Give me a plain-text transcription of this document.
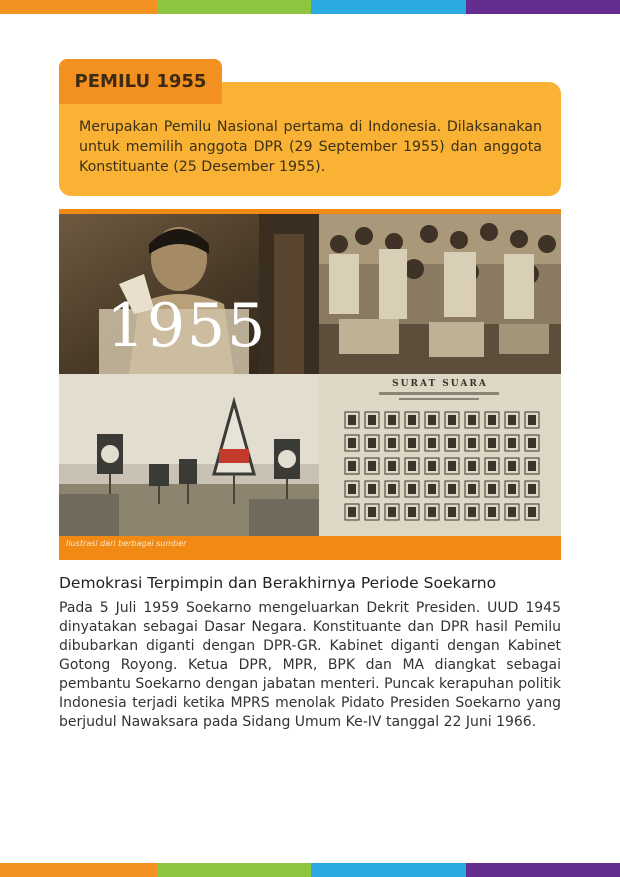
PEMILU 1955
Merupakan Pemilu Nasional pertama di Indonesia. Dilaksanakan untuk memilih anggota DPR (29 September 1955) dan anggota Konstituante (25 Desember 1955).
1955
SURAT SUARA
Ilustrasi dari berbagai sumber
Demokrasi Terpimpin dan Berakhirnya Periode Soekarno
Pada 5 Juli 1959 Soekarno mengeluarkan Dekrit Presiden. UUD 1945 dinyatakan sebagai Dasar Negara. Konstituante dan DPR hasil Pemilu dibubarkan diganti dengan DPR-GR. Kabinet diganti dengan Kabinet Gotong Royong. Ketua DPR, MPR, BPK dan MA diangkat sebagai pembantu Soekarno dengan jabatan menteri. Puncak kerapuhan politik Indonesia terjadi ketika MPRS menolak Pidato Presiden Soekarno yang berjudul Nawaksara pada Sidang Umum Ke-IV tanggal 22 Juni 1966.
